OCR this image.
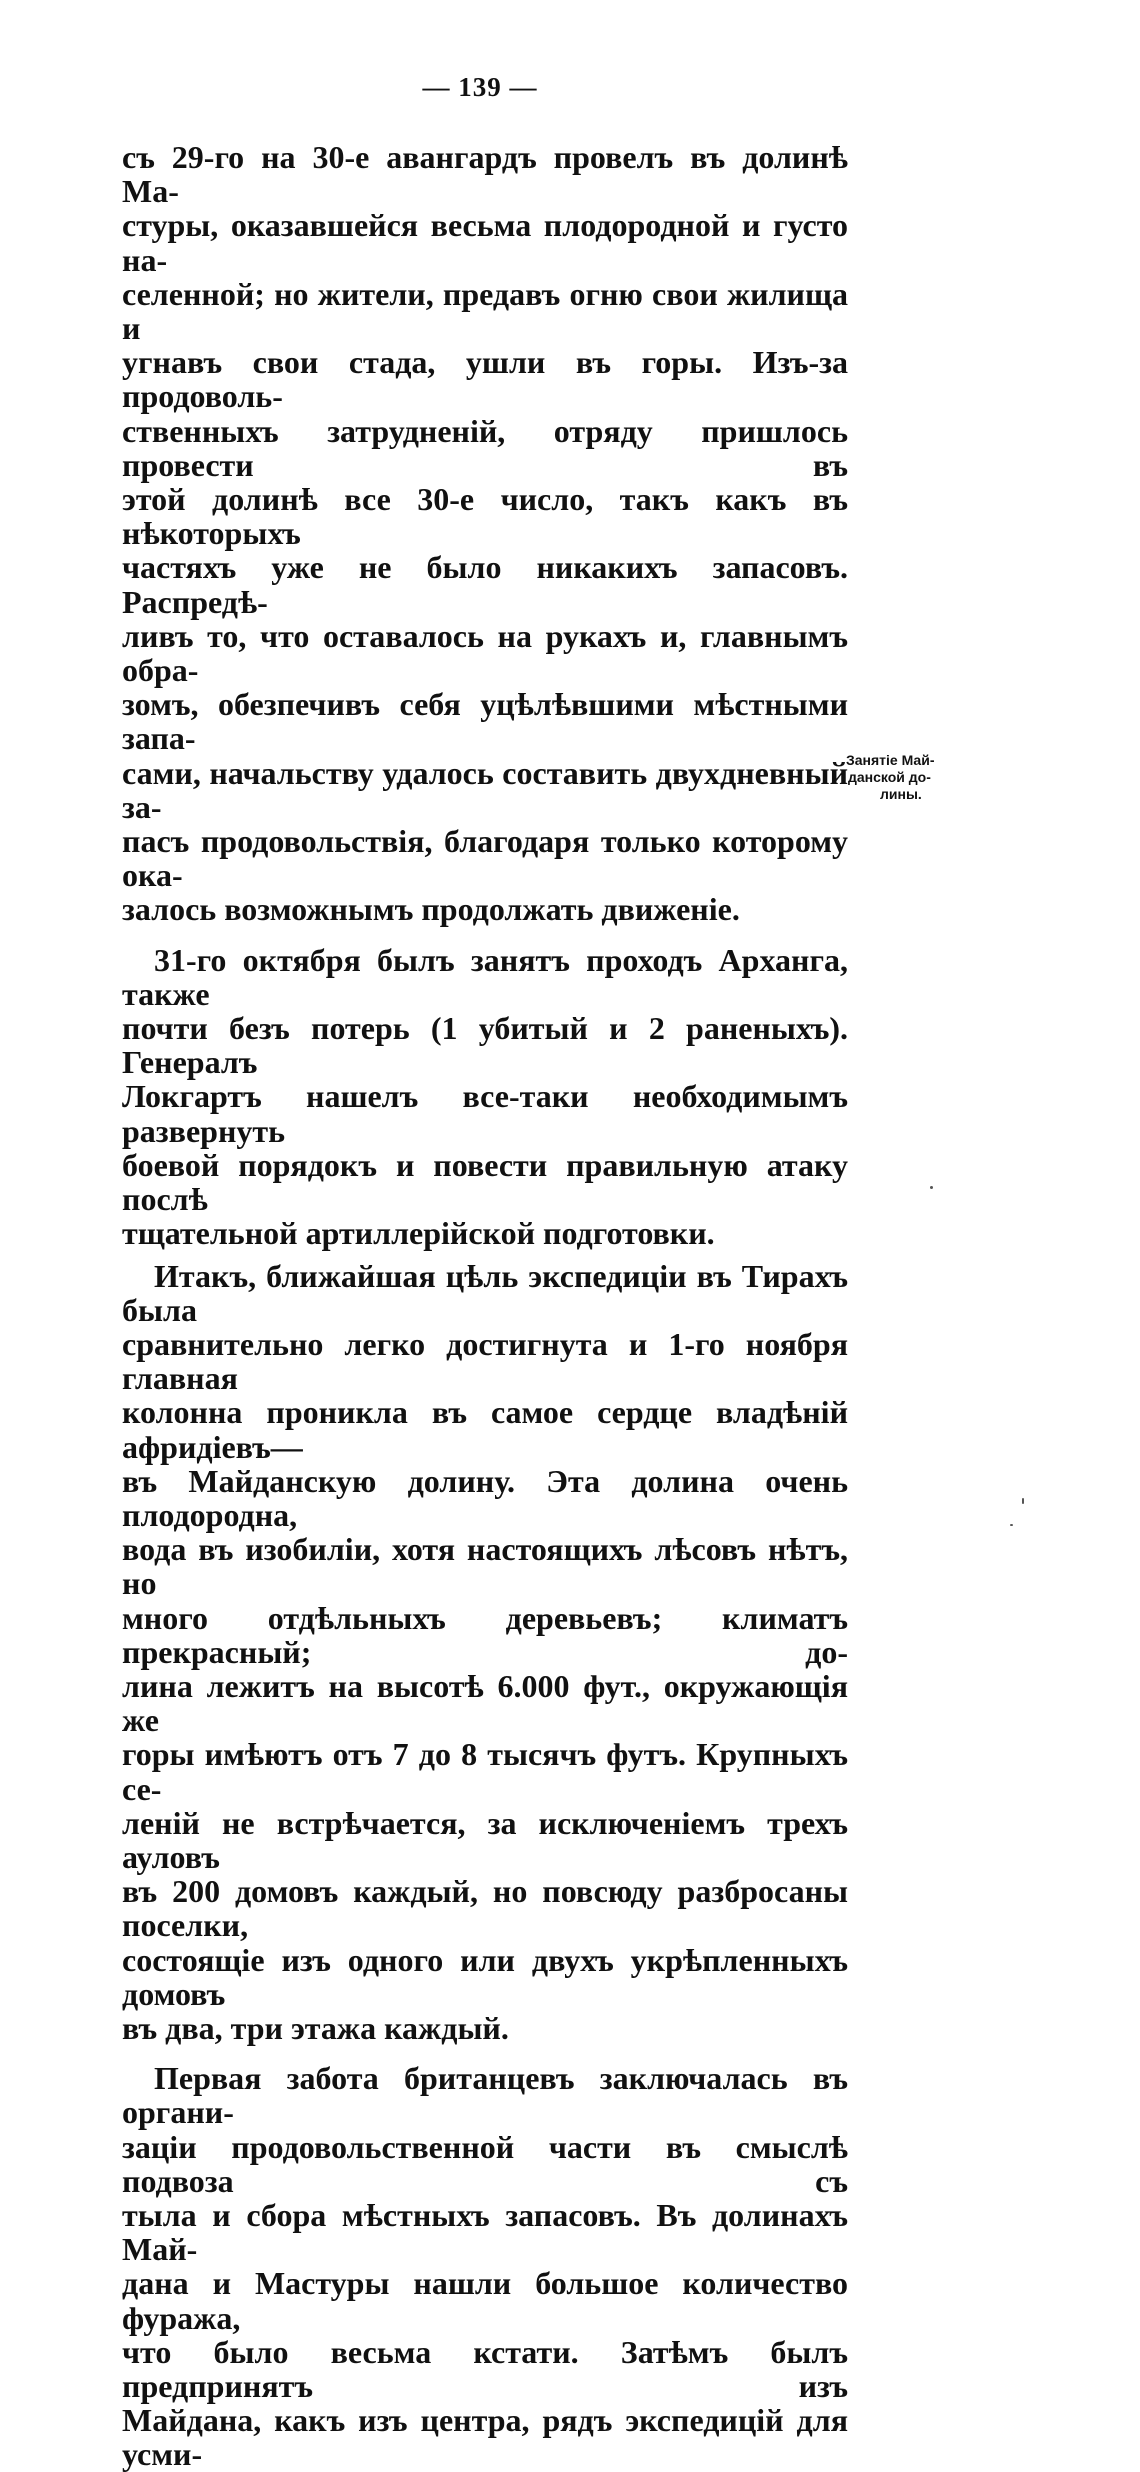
— 139 —

съ 29-го на 30-е авангардъ провелъ въ долинѣ Ма-

стуры, оказавшейся весьма плодородной и густо на-

селенной; но жители, предавъ огню свои жилища и

угнавъ свои стада, ушли въ горы. Изъ-за продоволь-

ственныхъ затрудненій, отряду пришлось провести въ

этой долинѣ все 30-е число, такъ какъ въ нѣкоторыхъ

частяхъ уже не было никакихъ запасовъ. Распредѣ-

ливъ то, что оставалось на рукахъ и, главнымъ обра-

зомъ, обезпечивъ себя уцѣлѣвшими мѣстными запа-

сами, начальству удалось составить двухдневный за-

пасъ продовольствія, благодаря только которому ока-

залось возможнымъ продолжать движеніе.

31-го октября былъ занятъ проходъ Арханга, также

почти безъ потерь (1 убитый и 2 раненыхъ). Генералъ

Локгартъ нашелъ все-таки необходимымъ развернуть

боевой порядокъ и повести правильную атаку послѣ

тщательной артиллерійской подготовки.

Итакъ, ближайшая цѣль экспедиціи въ Тирахъ была

сравнительно легко достигнута и 1-го ноября главная

колонна проникла въ самое сердце владѣній афридіевъ—

въ Майданскую долину. Эта долина очень плодородна,

вода въ изобиліи, хотя настоящихъ лѣсовъ нѣтъ, но

много отдѣльныхъ деревьевъ; климатъ прекрасный; до-

лина лежитъ на высотѣ 6.000 фут., окружающія же

горы имѣютъ отъ 7 до 8 тысячъ футъ. Крупныхъ се-

леній не встрѣчается, за исключеніемъ трехъ ауловъ

въ 200 домовъ каждый, но повсюду разбросаны поселки,

состоящіе изъ одного или двухъ укрѣпленныхъ домовъ

въ два, три этажа каждый.

Первая забота британцевъ заключалась въ органи-

заціи продовольственной части въ смыслѣ подвоза съ

тыла и сбора мѣстныхъ запасовъ. Въ долинахъ Май-

дана и Мастуры нашли большое количество фуража,

что было весьма кстати. Затѣмъ былъ предпринятъ изъ

Майдана, какъ изъ центра, рядъ экспедицій для усми-

Занятіе Май-
данской до-
лины.
